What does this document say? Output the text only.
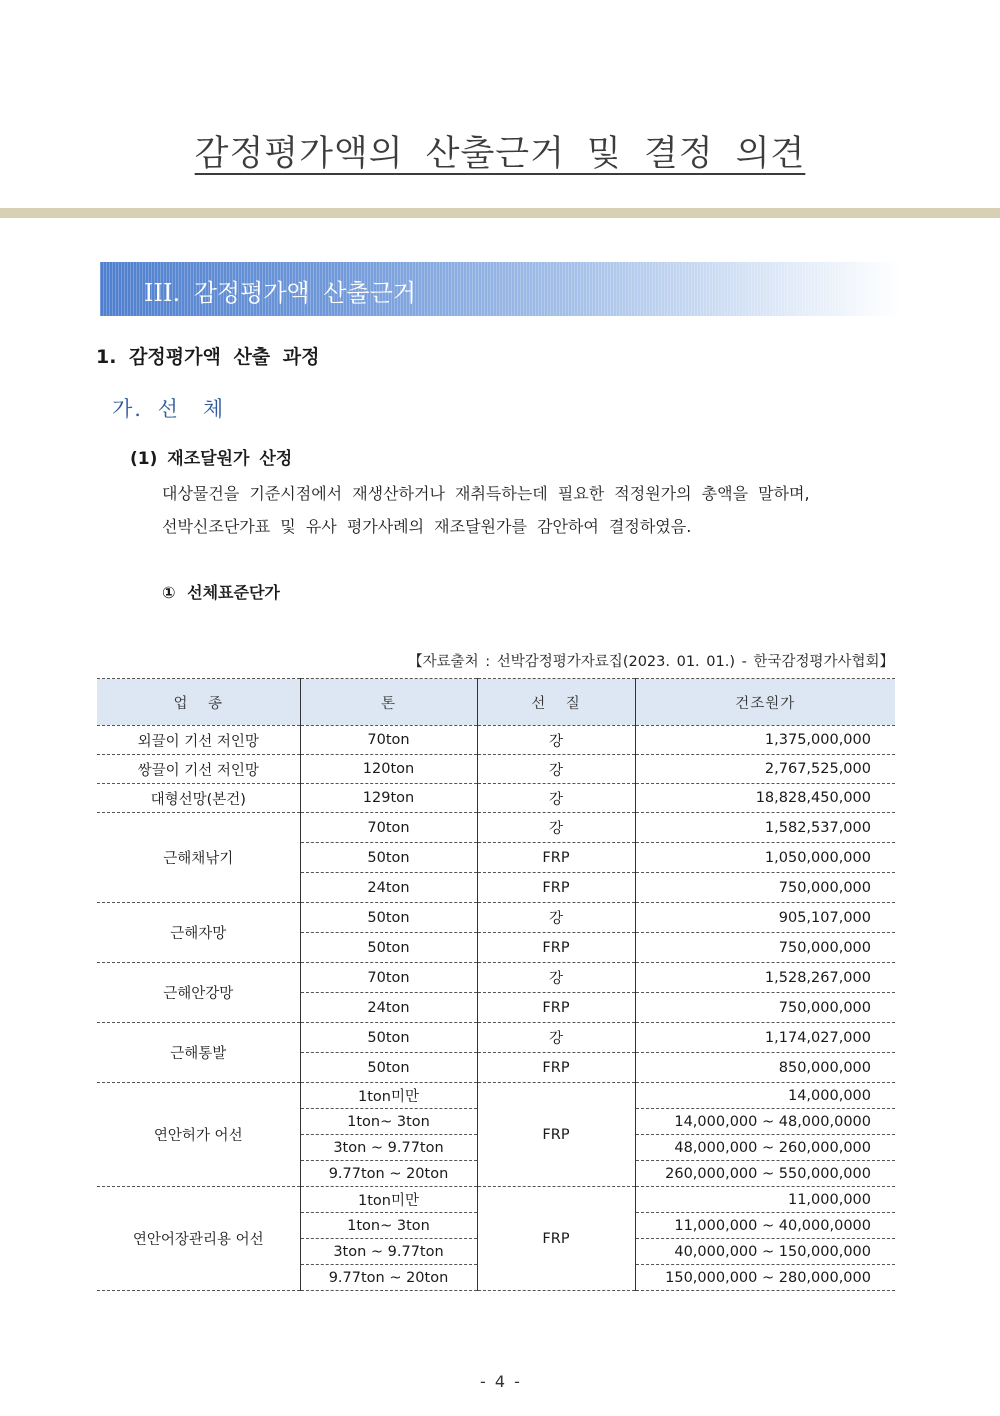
감정평가액의 산출근거 및 결정 의견
III. 감정평가액 산출근거
1. 감정평가액 산출 과정
가. 선　체
(1) 재조달원가 산정
대상물건을 기준시점에서 재생산하거나 재취득하는데 필요한 적정원가의 총액을 말하며,
선박신조단가표 및 유사 평가사례의 재조달원가를 감안하여 결정하였음.
① 선체표준단가
【자료출처 : 선박감정평가자료집(2023. 01. 01.) - 한국감정평가사협회】
업 종	톤	선 질	건조원가
외끌이 기선 저인망	70ton	강	1,375,000,000
쌍끌이 기선 저인망	120ton	강	2,767,525,000
대형선망(본건)	129ton	강	18,828,450,000
근해채낚기	70ton	강	1,582,537,000
	50ton	FRP	1,050,000,000
	24ton	FRP	750,000,000
근해자망	50ton	강	905,107,000
	50ton	FRP	750,000,000
근해안강망	70ton	강	1,528,267,000
	24ton	FRP	750,000,000
근해통발	50ton	강	1,174,027,000
	50ton	FRP	850,000,000
연안허가 어선	1ton미만	FRP	14,000,000
	1ton~ 3ton		14,000,000 ~ 48,000,0000
	3ton ~ 9.77ton		48,000,000 ~ 260,000,000
	9.77ton ~ 20ton		260,000,000 ~ 550,000,000
연안어장관리용 어선	1ton미만	FRP	11,000,000
	1ton~ 3ton		11,000,000 ~ 40,000,0000
	3ton ~ 9.77ton		40,000,000 ~ 150,000,000
	9.77ton ~ 20ton		150,000,000 ~ 280,000,000
- 4 -
